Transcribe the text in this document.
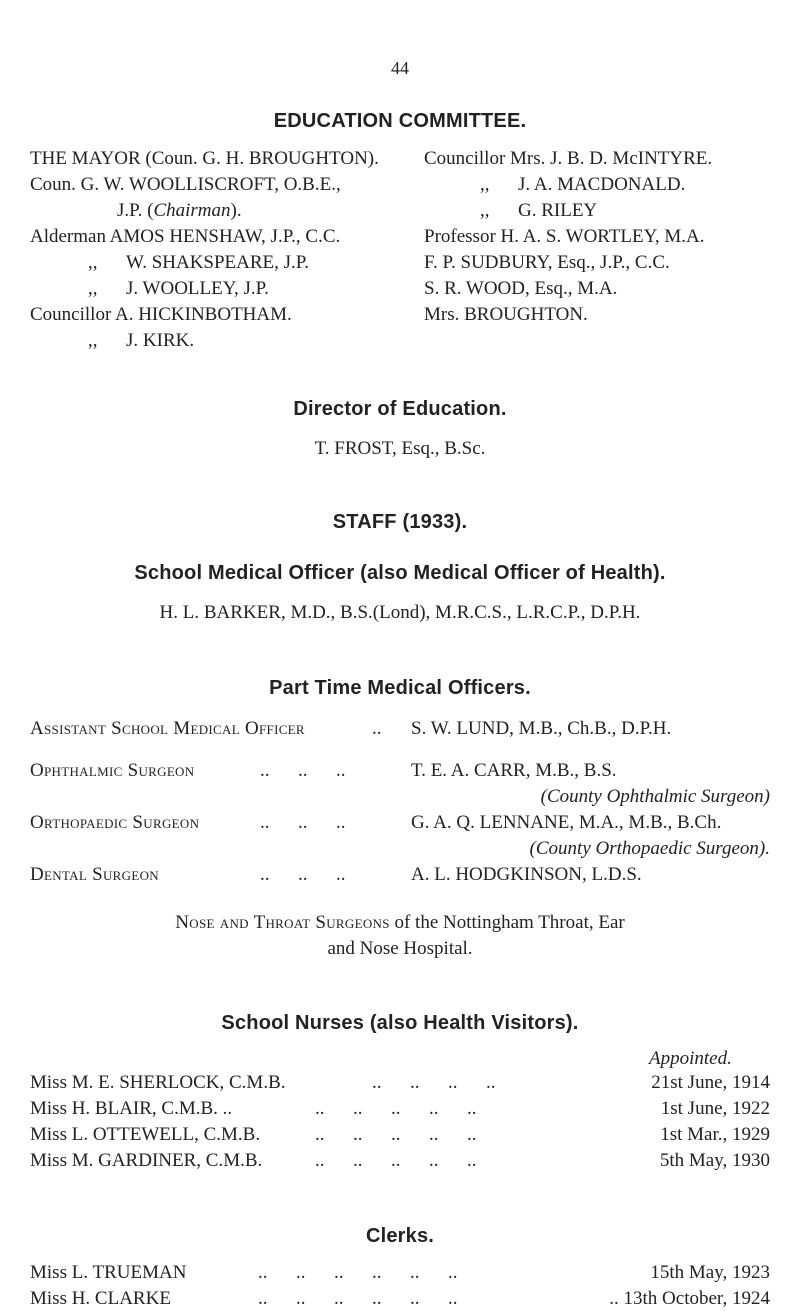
44
EDUCATION COMMITTEE.
THE MAYOR (Coun. G. H. BROUGHTON).
Coun. G. W. WOOLLISCROFT, O.B.E.,
J.P. (Chairman).
Alderman AMOS HENSHAW, J.P., C.C.
,, W. SHAKSPEARE, J.P.
,, J. WOOLLEY, J.P.
Councillor A. HICKINBOTHAM.
,, J. KIRK.
Councillor Mrs. J. B. D. McINTYRE.
,, J. A. MACDONALD.
,, G. RILEY
Professor H. A. S. WORTLEY, M.A.
F. P. SUDBURY, Esq., J.P., C.C.
S. R. WOOD, Esq., M.A.
Mrs. BROUGHTON.
Director of Education.
T. FROST, Esq., B.Sc.
STAFF (1933).
School Medical Officer (also Medical Officer of Health).
H. L. BARKER, M.D., B.S.(Lond), M.R.C.S., L.R.C.P., D.P.H.
Part Time Medical Officers.
Assistant School Medical Officer	.. S. W. LUND, M.B., Ch.B., D.P.H.
Ophthalmic Surgeon	..      ..      ..	T. E. A. CARR, M.B., B.S.
(County Ophthalmic Surgeon)
Orthopaedic Surgeon	..      ..      ..	G. A. Q. LENNANE, M.A., M.B., B.Ch.
(County Orthopaedic Surgeon).
Dental Surgeon	..      ..      ..	A. L. HODGKINSON, L.D.S.
Nose and Throat Surgeons of the Nottingham Throat, Ear
and Nose Hospital.
School Nurses (also Health Visitors).
Appointed.
Miss M. E. SHERLOCK, C.M.B.	..      ..      ..      ..	21st June, 1914
Miss H. BLAIR, C.M.B. ..	..      ..      ..      ..      ..	1st June, 1922
Miss L. OTTEWELL, C.M.B.	..      ..      ..      ..      ..	1st Mar., 1929
Miss M. GARDINER, C.M.B.	..      ..      ..      ..      ..	5th May, 1930
Clerks.
Miss L. TRUEMAN	..      ..      ..      ..      ..      ..	15th May, 1923
Miss H. CLARKE	..      ..      ..      ..      ..      ..	.. 13th October, 1924
